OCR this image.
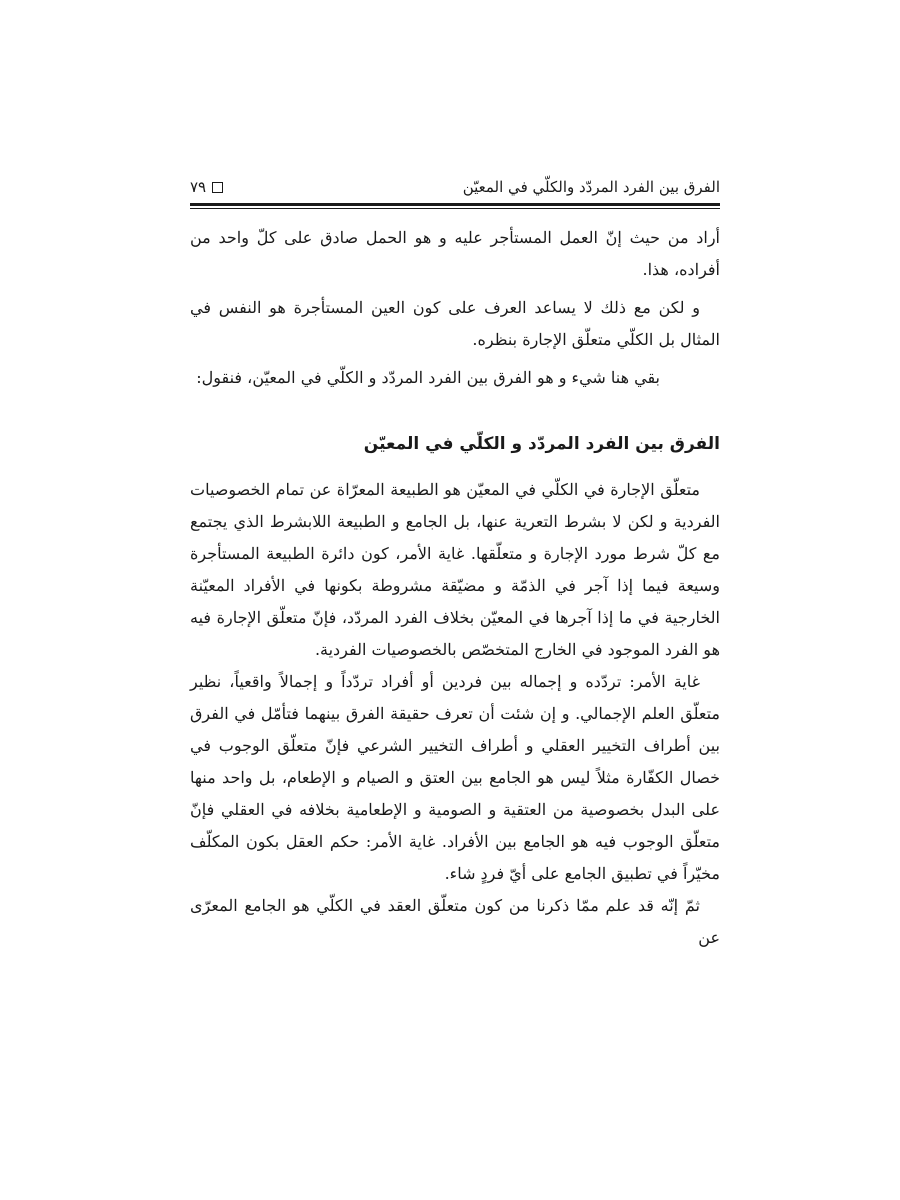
الفرق بين الفرد المردّد والكلّي في المعيّن
٧٩

أراد من حيث إنّ العمل المستأجر عليه و هو الحمل صادق على كلّ واحد من أفراده، هذا.

و لكن مع ذلك لا يساعد العرف على كون العين المستأجرة هو النفس في المثال بل الكلّي متعلّق الإجارة بنظره.

بقي هنا شيء و هو الفرق بين الفرد المردّد و الكلّي في المعيّن، فنقول:

الفرق بين الفرد المردّد و الكلّي في المعيّن

متعلّق الإجارة في الكلّي في المعيّن هو الطبيعة المعرّاة عن تمام الخصوصيات الفردية و لكن لا بشرط التعرية عنها، بل الجامع و الطبيعة اللابشرط الذي يجتمع مع كلّ شرط مورد الإجارة و متعلّقها. غاية الأمر، كون دائرة الطبيعة المستأجرة وسيعة فيما إذا آجر في الذمّة و مضيّقة مشروطة بكونها في الأفراد المعيّنة الخارجية في ما إذا آجرها في المعيّن بخلاف الفرد المردّد، فإنّ متعلّق الإجارة فيه هو الفرد الموجود في الخارج المتخصّص بالخصوصيات الفردية.

غاية الأمر: تردّده و إجماله بين فردين أو أفراد تردّداً و إجمالاً واقعياً، نظير متعلّق العلم الإجمالي. و إن شئت أن تعرف حقيقة الفرق بينهما فتأمّل في الفرق بين أطراف التخيير العقلي و أطراف التخيير الشرعي فإنّ متعلّق الوجوب في خصال الكفّارة مثلاً ليس هو الجامع بين العتق و الصيام و الإطعام، بل واحد منها على البدل بخصوصية من العتقية و الصومية و الإطعامية بخلافه في العقلي فإنّ متعلّق الوجوب فيه هو الجامع بين الأفراد. غاية الأمر: حكم العقل بكون المكلّف مخيّراً في تطبيق الجامع على أيّ فردٍ شاء.

ثمّ إنّه قد علم ممّا ذكرنا من كون متعلّق العقد في الكلّي هو الجامع المعرّى عن
